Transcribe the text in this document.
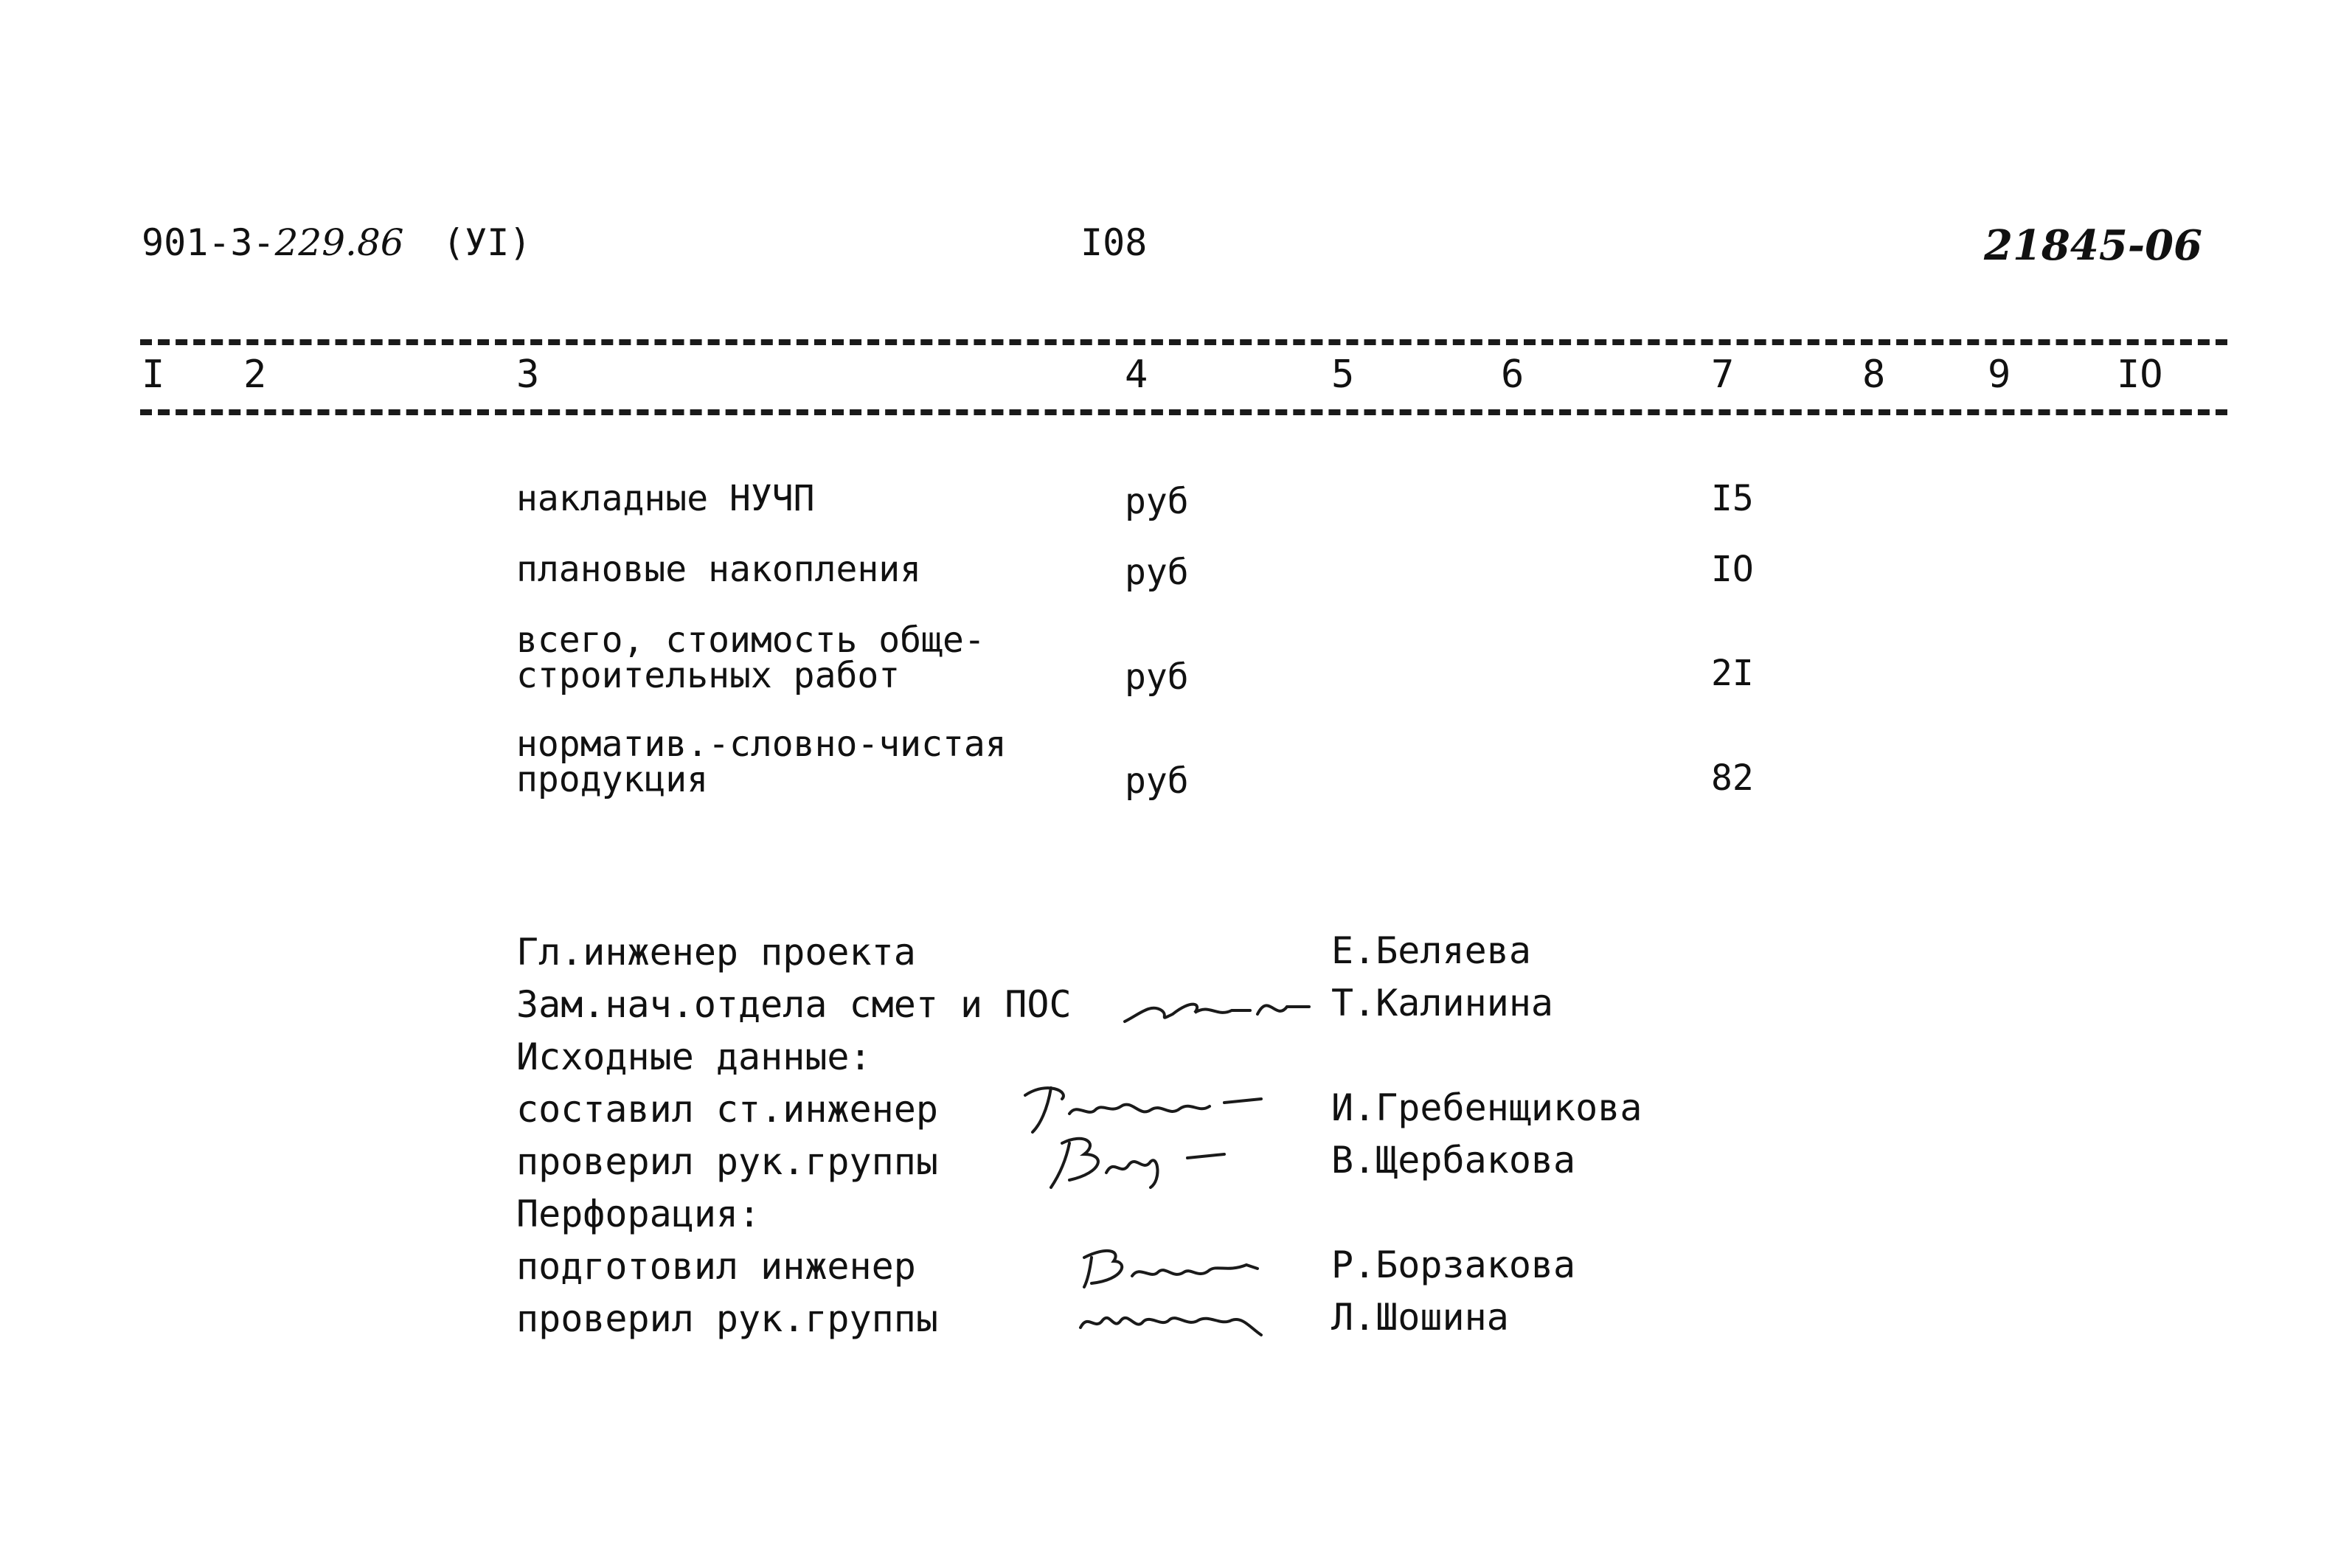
901-3-229.86 (УI)	I08	21845-06
I 2	3	4	5	6	7	8	9	IO
накладные НУЧП	руб	I5
плановые накопления	руб	IO
всего, стоимость обще-
строительных работ	руб	2I
норматив.-словно-чистая
продукция	руб	82
Гл.инженер проекта	Е.Беляева
Зам.нач.отдела смет и ПОС	Т.Калинина
Исходные данные:
составил ст.инженер	И.Гребенщикова
проверил рук.группы	В.Щербакова
Перфорация:
подготовил инженер	Р.Борзакова
проверил рук.группы	Л.Шошина
